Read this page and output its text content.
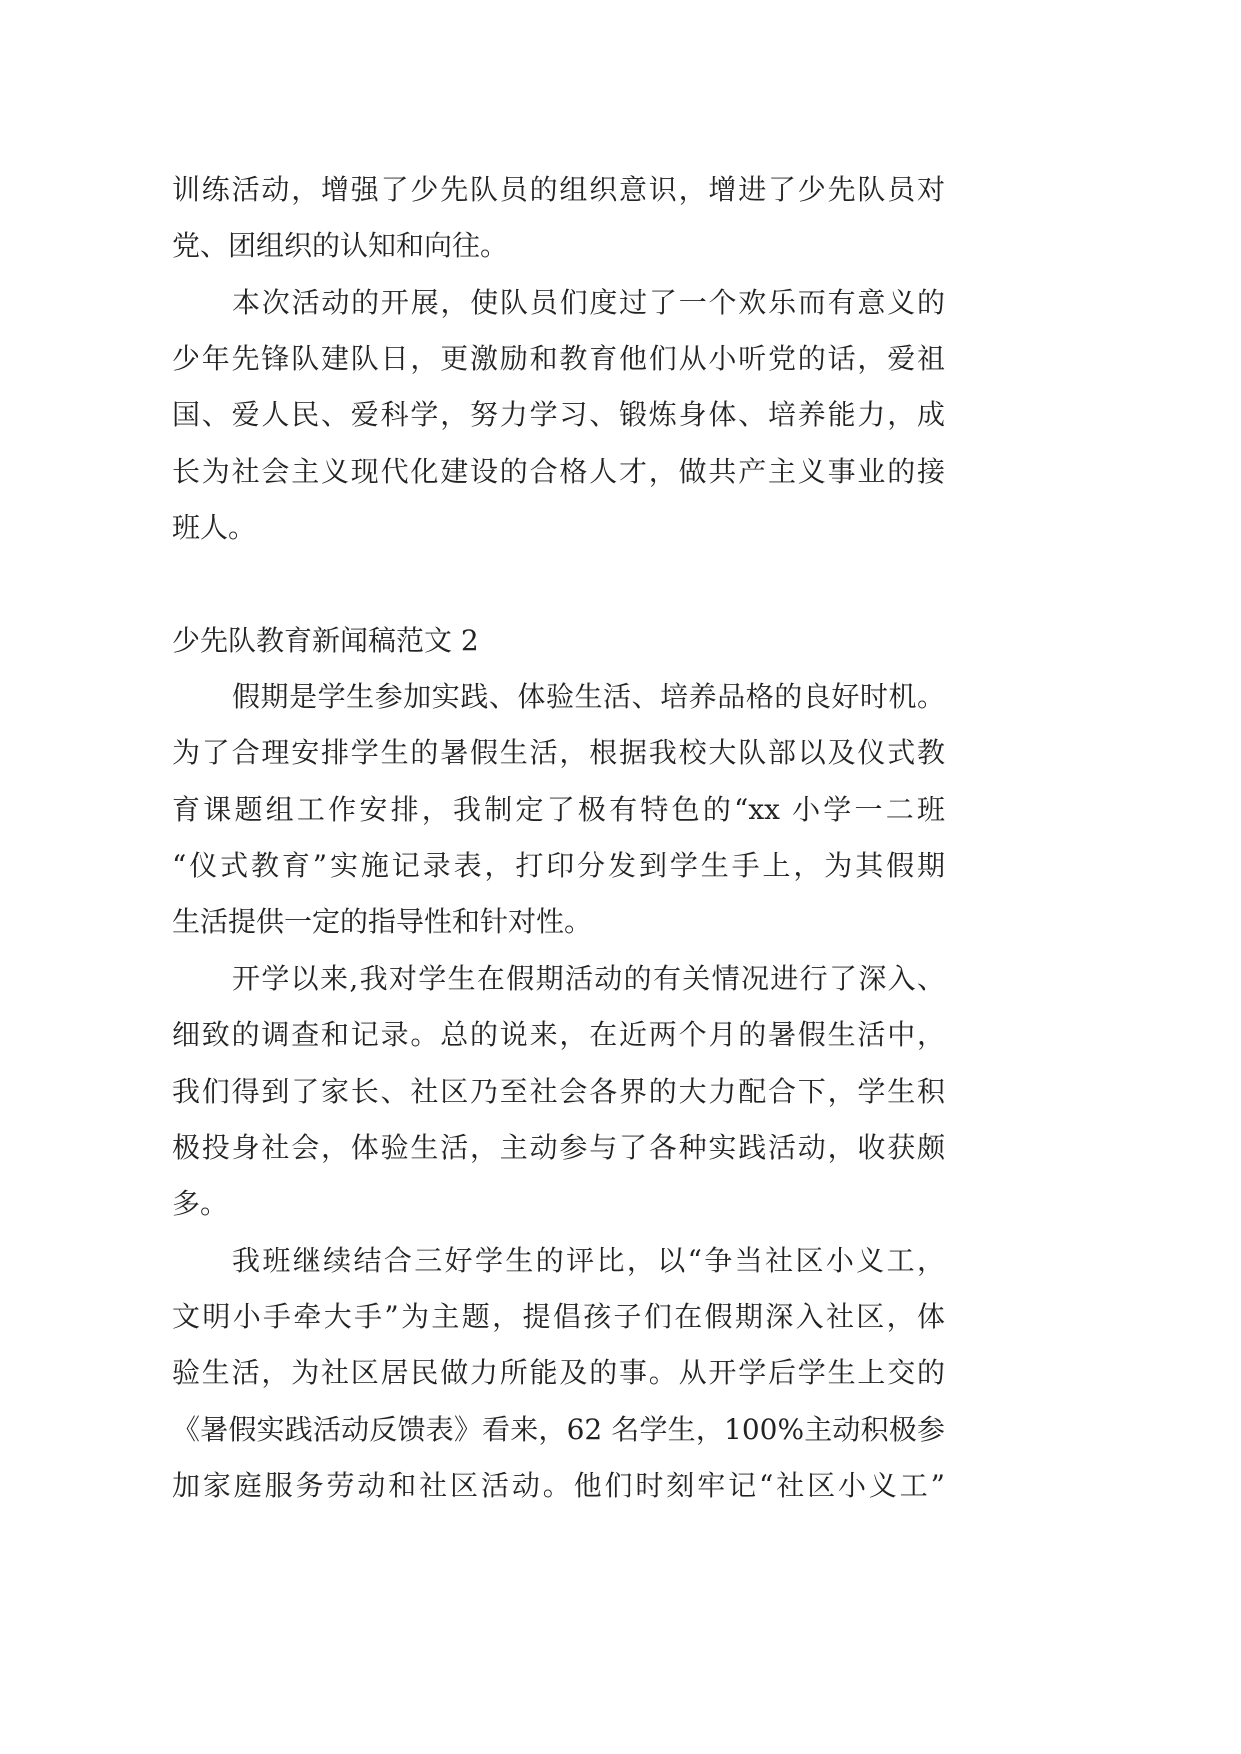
训练活动，增强了少先队员的组织意识，增进了少先队员对
党、团组织的认知和向往。
本次活动的开展，使队员们度过了一个欢乐而有意义的
少年先锋队建队日，更激励和教育他们从小听党的话，爱祖
国、爱人民、爱科学，努力学习、锻炼身体、培养能力，成
长为社会主义现代化建设的合格人才，做共产主义事业的接
班人。
少先队教育新闻稿范文 2
假期是学生参加实践、体验生活、培养品格的良好时机。
为了合理安排学生的暑假生活，根据我校大队部以及仪式教
育课题组工作安排，我制定了极有特色的“xx 小学一二班
“仪式教育”实施记录表，打印分发到学生手上，为其假期
生活提供一定的指导性和针对性。
开学以来,我对学生在假期活动的有关情况进行了深入、
细致的调查和记录。总的说来，在近两个月的暑假生活中，
我们得到了家长、社区乃至社会各界的大力配合下，学生积
极投身社会，体验生活，主动参与了各种实践活动，收获颇
多。
我班继续结合三好学生的评比，以“争当社区小义工，
文明小手牵大手”为主题，提倡孩子们在假期深入社区，体
验生活，为社区居民做力所能及的事。从开学后学生上交的
《暑假实践活动反馈表》看来，62 名学生，100%主动积极参
加家庭服务劳动和社区活动。他们时刻牢记“社区小义工”
